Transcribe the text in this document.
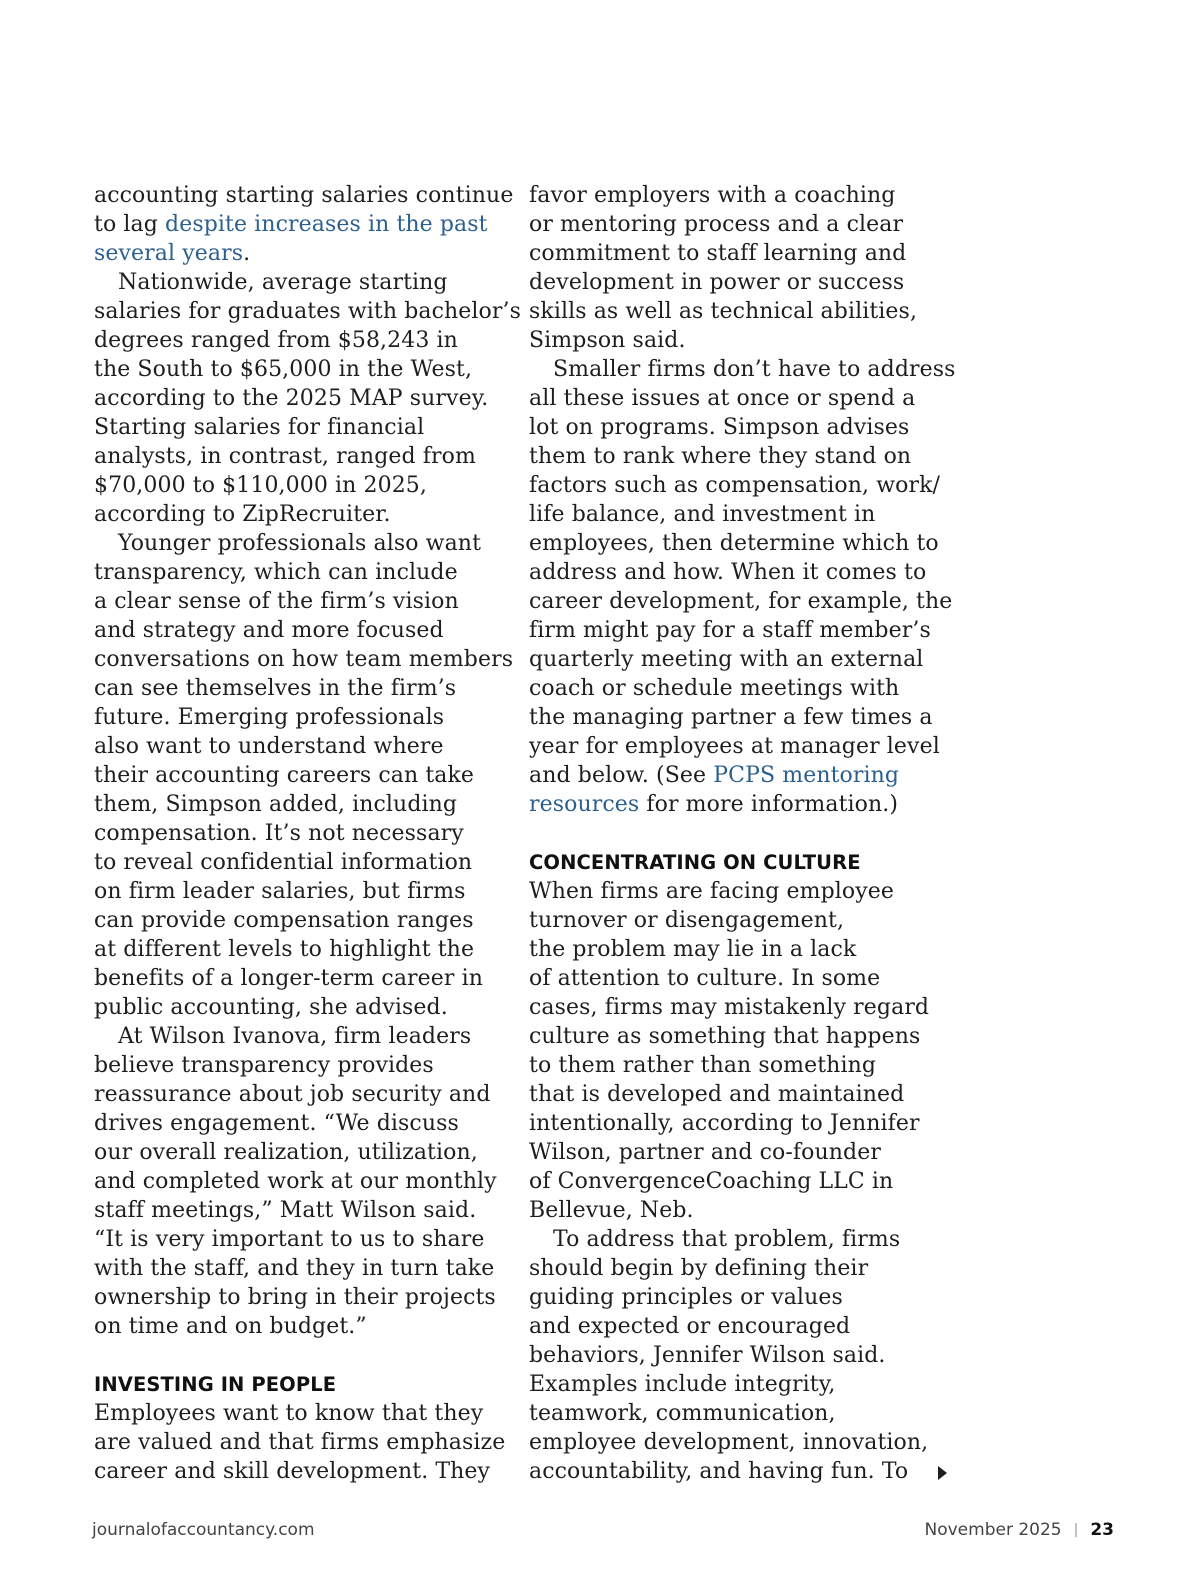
accounting starting salaries continue
to lag despite increases in the past
several years.
Nationwide, average starting
salaries for graduates with bachelor’s
degrees ranged from $58,243 in
the South to $65,000 in the West,
according to the 2025 MAP survey.
Starting salaries for financial
analysts, in contrast, ranged from
$70,000 to $110,000 in 2025,
according to ZipRecruiter.
Younger professionals also want
transparency, which can include
a clear sense of the firm’s vision
and strategy and more focused
conversations on how team members
can see themselves in the firm’s
future. Emerging professionals
also want to understand where
their accounting careers can take
them, Simpson added, including
compensation. It’s not necessary
to reveal confidential information
on firm leader salaries, but firms
can provide compensation ranges
at different levels to highlight the
benefits of a longer-term career in
public accounting, she advised.
At Wilson Ivanova, firm leaders
believe transparency provides
reassurance about job security and
drives engagement. “We discuss
our overall realization, utilization,
and completed work at our monthly
staff meetings,” Matt Wilson said.
“It is very important to us to share
with the staff, and they in turn take
ownership to bring in their projects
on time and on budget.”
INVESTING IN PEOPLE
Employees want to know that they
are valued and that firms emphasize
career and skill development. They
favor employers with a coaching
or mentoring process and a clear
commitment to staff learning and
development in power or success
skills as well as technical abilities,
Simpson said.
Smaller firms don’t have to address
all these issues at once or spend a
lot on programs. Simpson advises
them to rank where they stand on
factors such as compensation, work/
life balance, and investment in
employees, then determine which to
address and how. When it comes to
career development, for example, the
firm might pay for a staff member’s
quarterly meeting with an external
coach or schedule meetings with
the managing partner a few times a
year for employees at manager level
and below. (See PCPS mentoring
resources for more information.)
CONCENTRATING ON CULTURE
When firms are facing employee
turnover or disengagement,
the problem may lie in a lack
of attention to culture. In some
cases, firms may mistakenly regard
culture as something that happens
to them rather than something
that is developed and maintained
intentionally, according to Jennifer
Wilson, partner and co-founder
of ConvergenceCoaching LLC in
Bellevue, Neb.
To address that problem, firms
should begin by defining their
guiding principles or values
and expected or encouraged
behaviors, Jennifer Wilson said.
Examples include integrity,
teamwork, communication,
employee development, innovation,
accountability, and having fun. To
journalofaccountancy.com	November 2025 | 23
